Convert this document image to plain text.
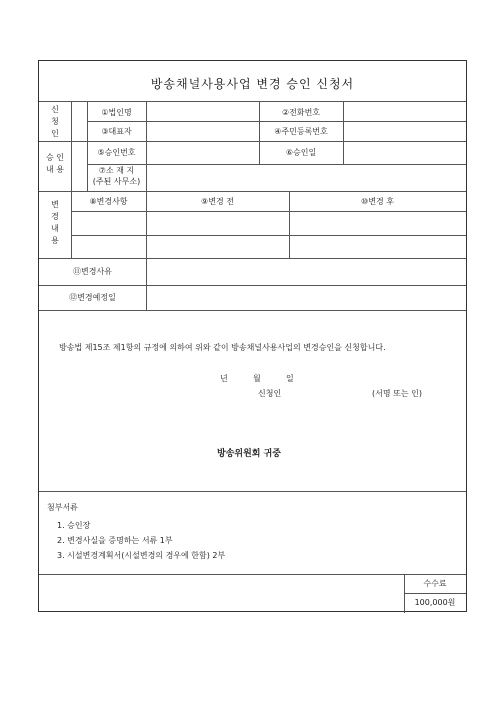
방송채널사용사업 변경 승인 신청서
신
청
인
①법인명	②전화번호
③대표자	④주민등록번호
승 인
내 용
⑤승인번호	⑥승인일
⑦소 재 지
(주된 사무소)
변
경
내
용
⑧변경사항	⑨변경 전	⑩변경 후
⑪변경사유
⑫변경예정일
방송법 제15조 제1항의 규정에 의하여 위와 같이 방송채널사용사업의 변경승인을 신청합니다.
년	월	일
신청인	(서명 또는 인)
방송위원회 귀중
첨부서류
1. 승인장
2. 변경사실을 증명하는 서류 1부
3. 시설변경계획서(시설변경의 경우에 한함) 2부
수수료
100,000원
